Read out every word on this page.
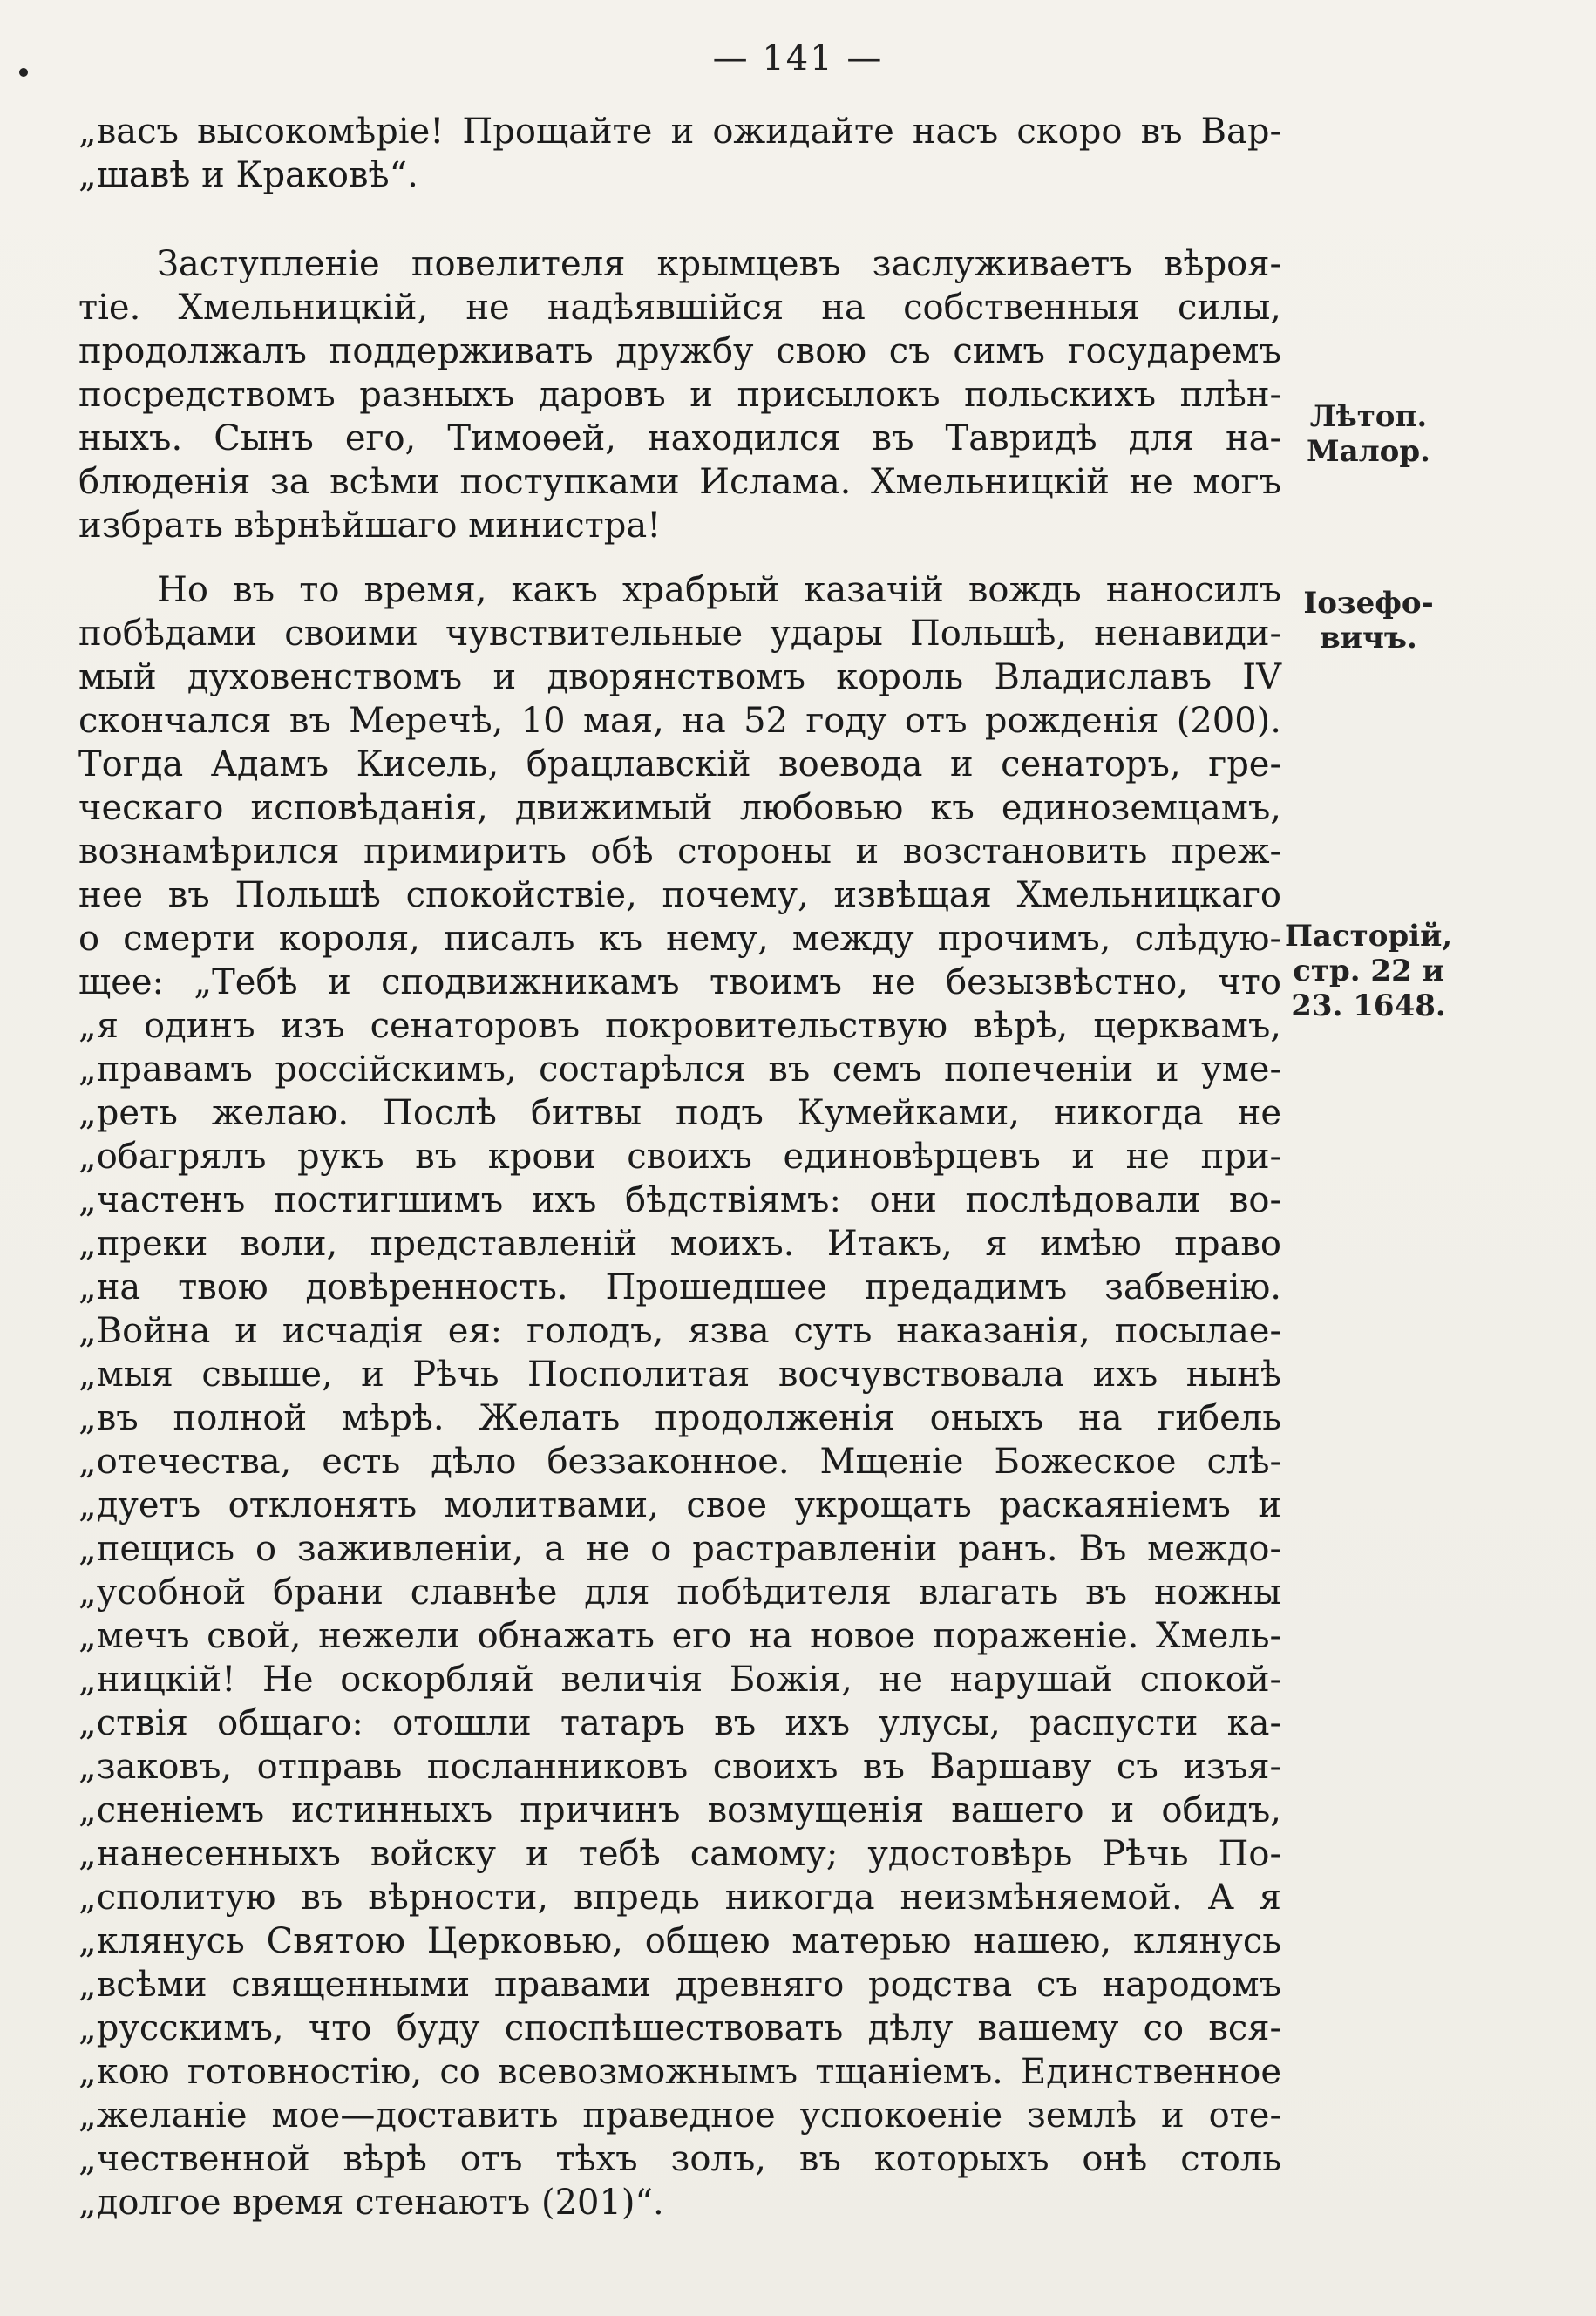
— 141 —
„васъ высокомѣріе! Прощайте и ожидайте насъ скоро въ Вар-
„шавѣ и Краковѣ“.
Заступленіе повелителя крымцевъ заслуживаетъ вѣроя-
тіе. Хмельницкій, не надѣявшійся на собственныя силы,
продолжалъ поддерживать дружбу свою съ симъ государемъ
посредствомъ разныхъ даровъ и присылокъ польскихъ плѣн-
ныхъ. Сынъ его, Тимоѳей, находился въ Тавридѣ для на-
блюденія за всѣми поступками Ислама. Хмельницкій не могъ
избрать вѣрнѣйшаго министра!
Но въ то время, какъ храбрый казачій вождь наносилъ
побѣдами своими чувствительные удары Польшѣ, ненавиди-
мый духовенствомъ и дворянствомъ король Владиславъ IV
скончался въ Меречѣ, 10 мая, на 52 году отъ рожденія (200).
Тогда Адамъ Кисель, брацлавскій воевода и сенаторъ, гре-
ческаго исповѣданія, движимый любовью къ единоземцамъ,
вознамѣрился примирить обѣ стороны и возстановить преж-
нее въ Польшѣ спокойствіе, почему, извѣщая Хмельницкаго
о смерти короля, писалъ къ нему, между прочимъ, слѣдую-
щее: „Тебѣ и сподвижникамъ твоимъ не безызвѣстно, что
„я одинъ изъ сенаторовъ покровительствую вѣрѣ, церквамъ,
„правамъ россійскимъ, состарѣлся въ семъ попеченіи и уме-
„реть желаю. Послѣ битвы подъ Кумейками, никогда не
„обагрялъ рукъ въ крови своихъ единовѣрцевъ и не при-
„частенъ постигшимъ ихъ бѣдствіямъ: они послѣдовали во-
„преки воли, представленій моихъ. Итакъ, я имѣю право
„на твою довѣренность. Прошедшее предадимъ забвенію.
„Война и исчадія ея: голодъ, язва суть наказанія, посылае-
„мыя свыше, и Рѣчь Посполитая восчувствовала ихъ нынѣ
„въ полной мѣрѣ. Желать продолженія оныхъ на гибель
„отечества, есть дѣло беззаконное. Мщеніе Божеское слѣ-
„дуетъ отклонять молитвами, свое укрощать раскаяніемъ и
„пещись о заживленіи, а не о растравленіи ранъ. Въ междо-
„усобной брани славнѣе для побѣдителя влагать въ ножны
„мечъ свой, нежели обнажать его на новое пораженіе. Хмель-
„ницкій! Не оскорбляй величія Божія, не нарушай спокой-
„ствія общаго: отошли татаръ въ ихъ улусы, распусти ка-
„заковъ, отправь посланниковъ своихъ въ Варшаву съ изъя-
„сненіемъ истинныхъ причинъ возмущенія вашего и обидъ,
„нанесенныхъ войску и тебѣ самому; удостовѣрь Рѣчь По-
„сполитую въ вѣрности, впредь никогда неизмѣняемой. А я
„клянусь Святою Церковью, общею матерью нашею, клянусь
„всѣми священными правами древняго родства съ народомъ
„русскимъ, что буду споспѣшествовать дѣлу вашему со вся-
„кою готовностію, со всевозможнымъ тщаніемъ. Единственное
„желаніе мое—доставить праведное успокоеніе землѣ и оте-
„чественной вѣрѣ отъ тѣхъ золъ, въ которыхъ онѣ столь
„долгое время стенаютъ (201)“.
Лѣтоп. Малор.
Іозефо- вичъ.
Пасторій, стр. 22 и 23. 1648.
